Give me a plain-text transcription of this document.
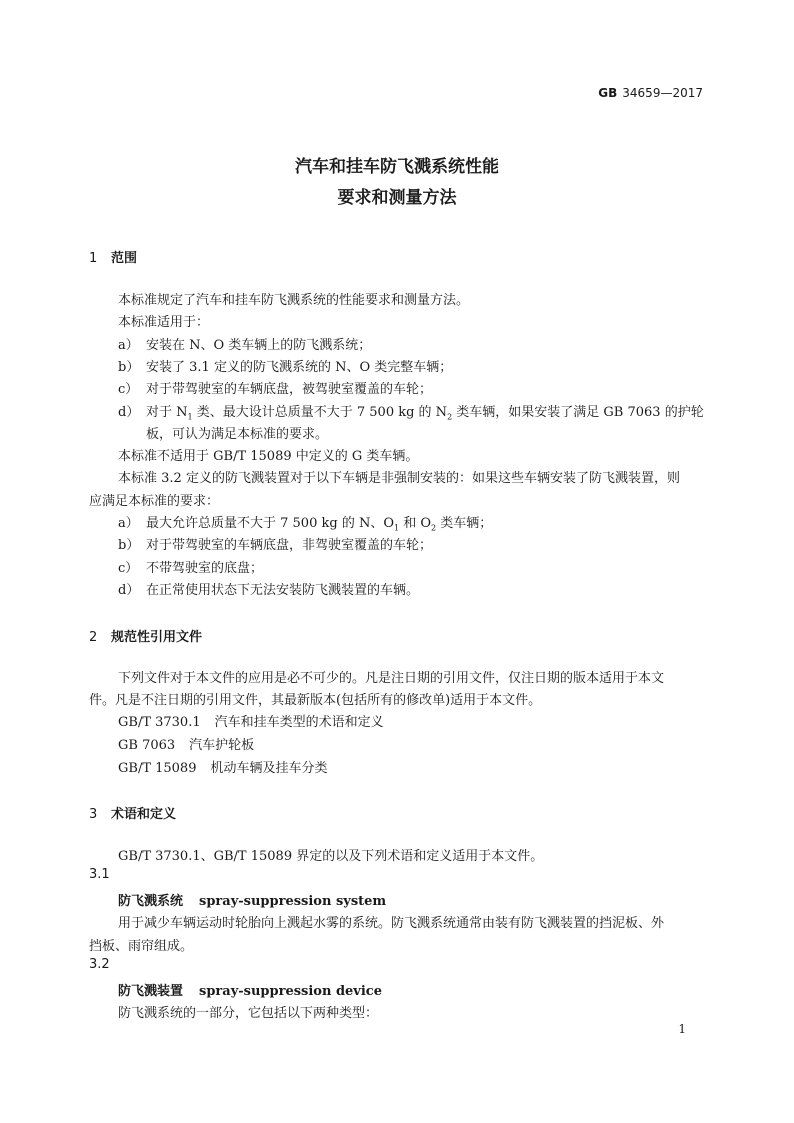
GB 34659—2017
汽车和挂车防飞溅系统性能
要求和测量方法
1 范围
本标准规定了汽车和挂车防飞溅系统的性能要求和测量方法。
本标准适用于：
a） 安装在 N、O 类车辆上的防飞溅系统；
b） 安装了 3.1 定义的防飞溅系统的 N、O 类完整车辆；
c） 对于带驾驶室的车辆底盘，被驾驶室覆盖的车轮；
d） 对于 $N_1$ 类、最大设计总质量不大于 7 500 kg 的 $N_2$ 类车辆，如果安装了满足 GB 7063 的护轮
板，可认为满足本标准的要求。
本标准不适用于 GB/T 15089 中定义的 G 类车辆。
本标准 3.2 定义的防飞溅装置对于以下车辆是非强制安装的：如果这些车辆安装了防飞溅装置，则
应满足本标准的要求：
a） 最大允许总质量不大于 7 500 kg 的 N、$O_1$ 和 $O_2$ 类车辆；
b） 对于带驾驶室的车辆底盘，非驾驶室覆盖的车轮；
c） 不带驾驶室的底盘；
d） 在正常使用状态下无法安装防飞溅装置的车辆。
2 规范性引用文件
下列文件对于本文件的应用是必不可少的。凡是注日期的引用文件，仅注日期的版本适用于本文
件。凡是不注日期的引用文件，其最新版本(包括所有的修改单)适用于本文件。
GB/T 3730.1 汽车和挂车类型的术语和定义
GB 7063 汽车护轮板
GB/T 15089 机动车辆及挂车分类
3 术语和定义
GB/T 3730.1、GB/T 15089 界定的以及下列术语和定义适用于本文件。
3.1
防飞溅系统 spray-suppression system
用于减少车辆运动时轮胎向上溅起水雾的系统。防飞溅系统通常由装有防飞溅装置的挡泥板、外
挡板、雨帘组成。
3.2
防飞溅装置 spray-suppression device
防飞溅系统的一部分，它包括以下两种类型：
1
